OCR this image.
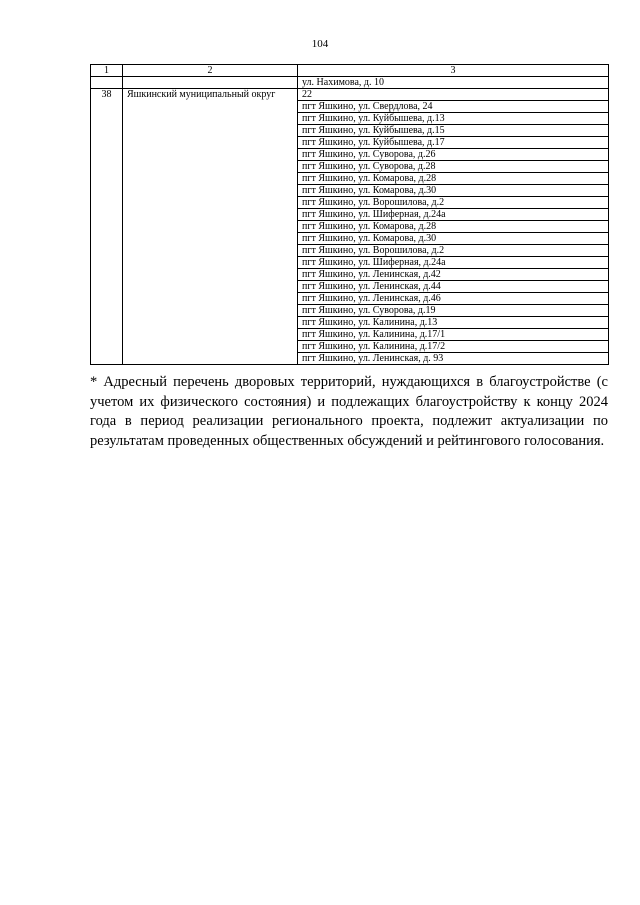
104
1	2	3
		ул. Нахимова, д. 10
38	Яшкинский муниципальный округ	22
		пгт Яшкино, ул. Свердлова, 24
		пгт Яшкино, ул. Куйбышева, д.13
		пгт Яшкино, ул. Куйбышева, д.15
		пгт Яшкино, ул. Куйбышева, д.17
		пгт Яшкино, ул. Суворова, д.26
		пгт Яшкино, ул. Суворова, д.28
		пгт Яшкино, ул. Комарова, д.28
		пгт Яшкино, ул. Комарова, д.30
		пгт Яшкино, ул. Ворошилова, д.2
		пгт Яшкино, ул. Шиферная, д.24а
		пгт Яшкино, ул. Комарова, д.28
		пгт Яшкино, ул. Комарова, д.30
		пгт Яшкино, ул. Ворошилова, д.2
		пгт Яшкино, ул. Шиферная, д.24а
		пгт Яшкино, ул. Ленинская, д.42
		пгт Яшкино, ул. Ленинская, д.44
		пгт Яшкино, ул. Ленинская, д.46
		пгт Яшкино, ул. Суворова, д.19
		пгт Яшкино, ул. Калинина, д.13
		пгт Яшкино, ул. Калинина, д.17/1
		пгт Яшкино, ул. Калинина, д.17/2
		пгт Яшкино, ул. Ленинская, д. 93

* Адресный перечень дворовых территорий, нуждающихся в благоустройстве (с учетом их физического состояния) и подлежащих благоустройству к концу 2024 года в период реализации регионального проекта, подлежит актуализации по результатам проведенных общественных обсуждений и рейтингового голосования.
